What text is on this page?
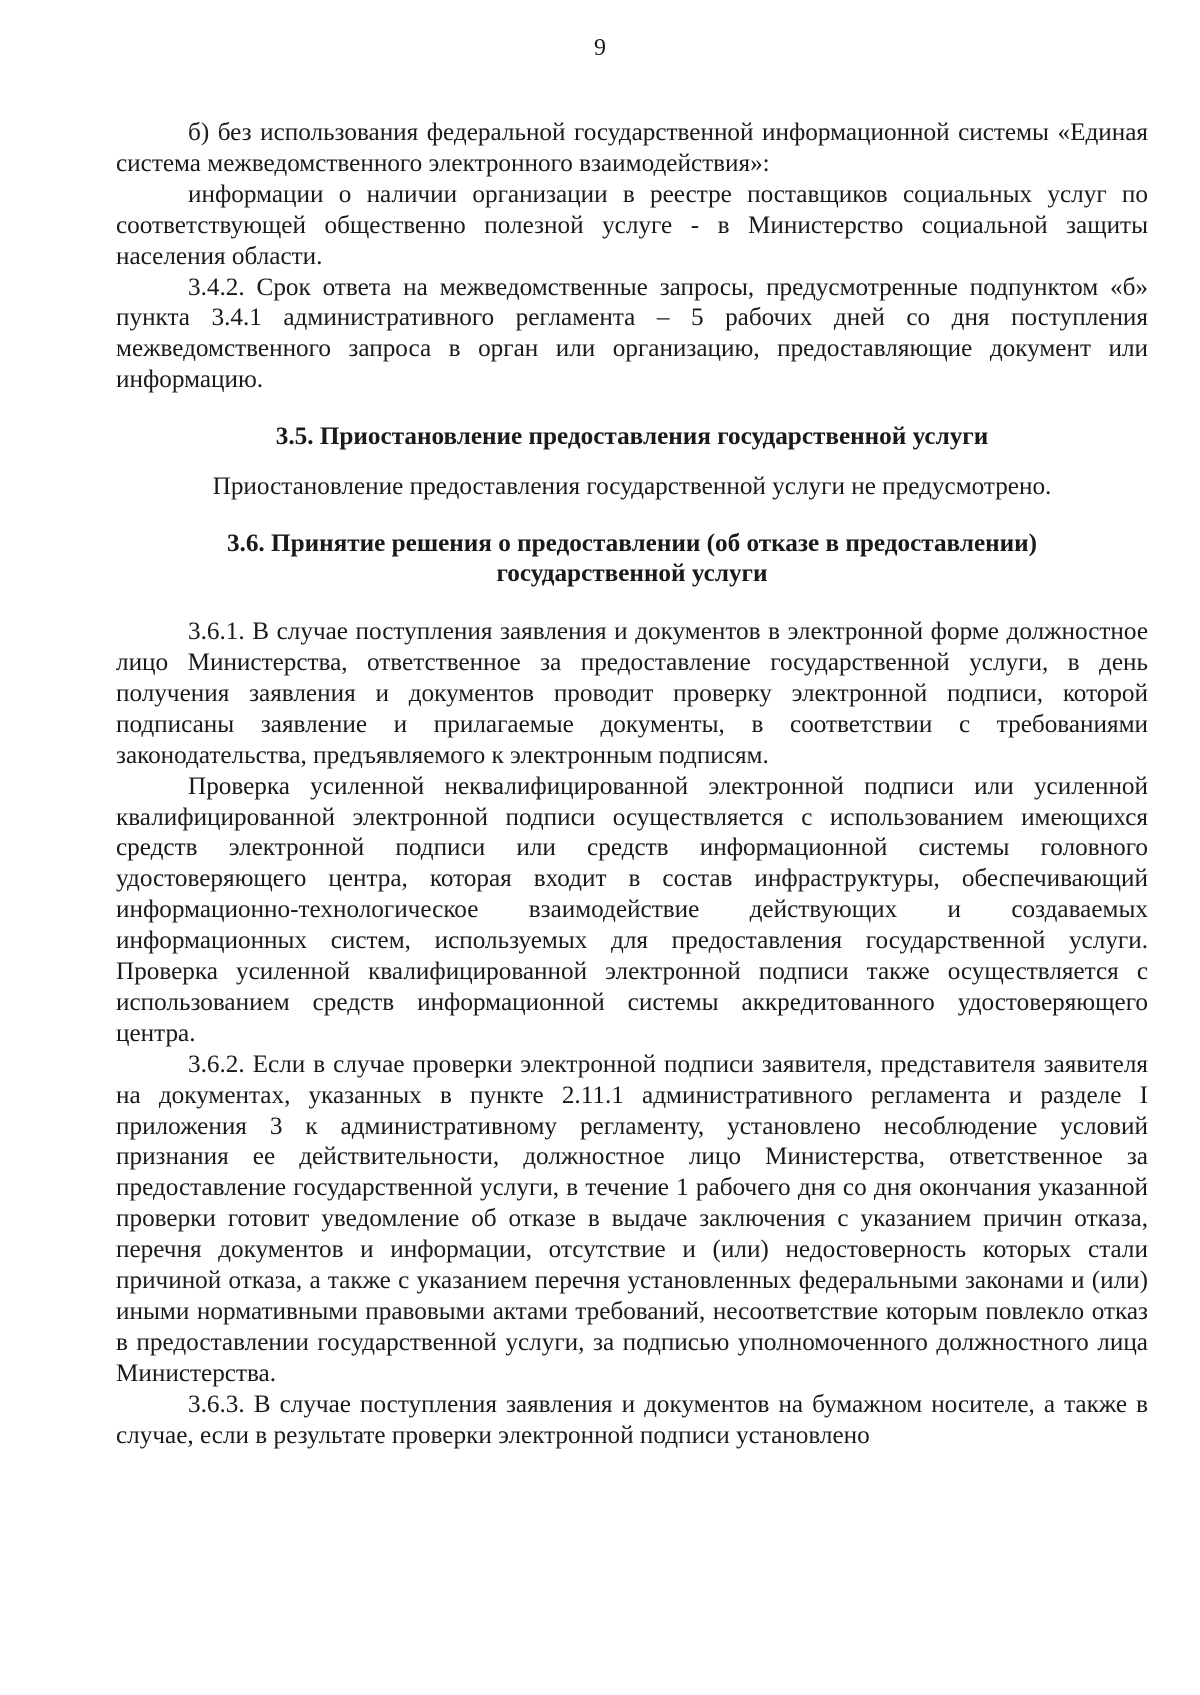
9

б) без использования федеральной государственной информационной системы «Единая система межведомственного электронного взаимодействия»:

информации о наличии организации в реестре поставщиков социальных услуг по соответствующей общественно полезной услуге - в Министерство социальной защиты населения области.

3.4.2. Срок ответа на межведомственные запросы, предусмотренные подпунктом «б» пункта 3.4.1 административного регламента – 5 рабочих дней со дня поступления межведомственного запроса в орган или организацию, предоставляющие документ или информацию.

3.5. Приостановление предоставления государственной услуги

Приостановление предоставления государственной услуги не предусмотрено.

3.6. Принятие решения о предоставлении (об отказе в предоставлении)

государственной услуги

3.6.1. В случае поступления заявления и документов в электронной форме должностное лицо Министерства, ответственное за предоставление государственной услуги, в день получения заявления и документов проводит проверку электронной подписи, которой подписаны заявление и прилагаемые документы, в соответствии с требованиями законодательства, предъявляемого к электронным подписям.

Проверка усиленной неквалифицированной электронной подписи или усиленной квалифицированной электронной подписи осуществляется с использованием имеющихся средств электронной подписи или средств информационной системы головного удостоверяющего центра, которая входит в состав инфраструктуры, обеспечивающий информационно-технологическое взаимодействие действующих и создаваемых информационных систем, используемых для предоставления государственной услуги. Проверка усиленной квалифицированной электронной подписи также осуществляется с использованием средств информационной системы аккредитованного удостоверяющего центра.

3.6.2. Если в случае проверки электронной подписи заявителя, представителя заявителя на документах, указанных в пункте 2.11.1 административного регламента и разделе I приложения 3 к административному регламенту, установлено несоблюдение условий признания ее действительности, должностное лицо Министерства, ответственное за предоставление государственной услуги, в течение 1 рабочего дня со дня окончания указанной проверки готовит уведомление об отказе в выдаче заключения с указанием причин отказа, перечня документов и информации, отсутствие и (или) недостоверность которых стали причиной отказа, а также с указанием перечня установленных федеральными законами и (или) иными нормативными правовыми актами требований, несоответствие которым повлекло отказ в предоставлении государственной услуги, за подписью уполномоченного должностного лица Министерства.

3.6.3. В случае поступления заявления и документов на бумажном носителе, а также в случае, если в результате проверки электронной подписи установлено
